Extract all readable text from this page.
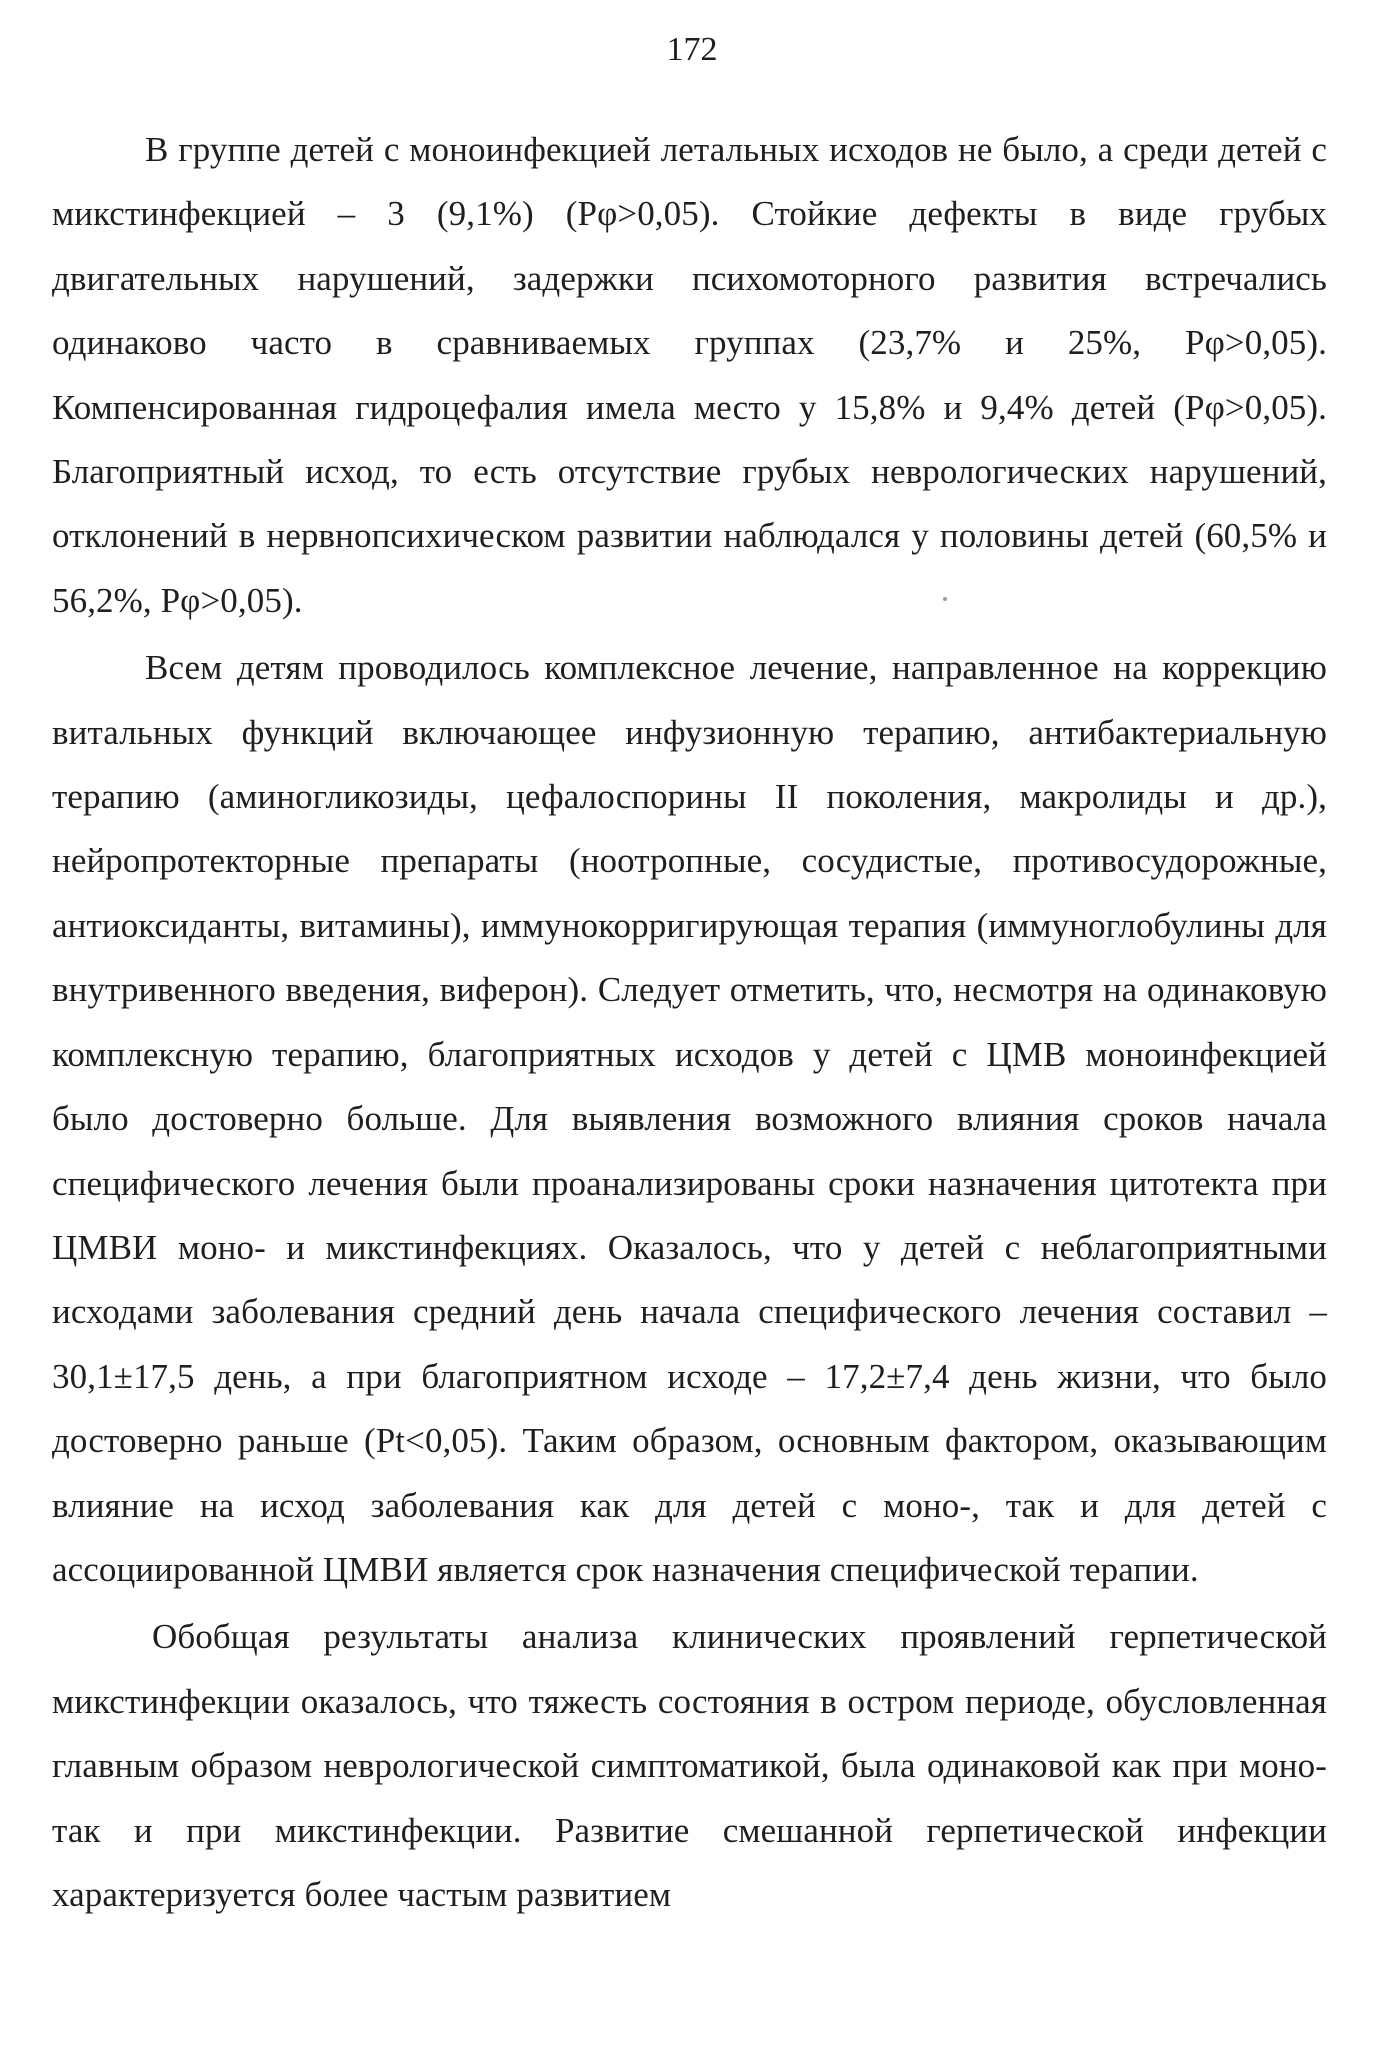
172

В группе детей с моноинфекцией летальных исходов не было, а среди детей с микстинфекцией – 3 (9,1%) (Рφ>0,05). Стойкие дефекты в виде грубых двигательных нарушений, задержки психомоторного развития встречались одинаково часто в сравниваемых группах (23,7% и 25%, Рφ>0,05). Компенсированная гидроцефалия имела место у 15,8% и 9,4% детей (Рφ>0,05). Благоприятный исход, то есть отсутствие грубых неврологических нарушений, отклонений в нервнопсихическом развитии наблюдался у половины детей (60,5% и 56,2%, Рφ>0,05).

Всем детям проводилось комплексное лечение, направленное на коррекцию витальных функций включающее инфузионную терапию, антибактериальную терапию (аминогликозиды, цефалоспорины II поколения, макролиды и др.), нейропротекторные препараты (ноотропные, сосудистые, противосудорожные, антиоксиданты, витамины), иммунокорригирующая терапия (иммуноглобулины для внутривенного введения, виферон). Следует отметить, что, несмотря на одинаковую комплексную терапию, благоприятных исходов у детей с ЦМВ моноинфекцией было достоверно больше. Для выявления возможного влияния сроков начала специфического лечения были проанализированы сроки назначения цитотекта при ЦМВИ моно- и микстинфекциях. Оказалось, что у детей с неблагоприятными исходами заболевания средний день начала специфического лечения составил – 30,1±17,5 день, а при благоприятном исходе – 17,2±7,4 день жизни, что было достоверно раньше (Pt<0,05). Таким образом, основным фактором, оказывающим влияние на исход заболевания как для детей с моно-, так и для детей с ассоциированной ЦМВИ является срок назначения специфической терапии.

Обобщая результаты анализа клинических проявлений герпетической микстинфекции оказалось, что тяжесть состояния в остром периоде, обусловленная главным образом неврологической симптоматикой, была одинаковой как при моно- так и при микстинфекции. Развитие смешанной герпетической инфекции характеризуется более частым развитием
